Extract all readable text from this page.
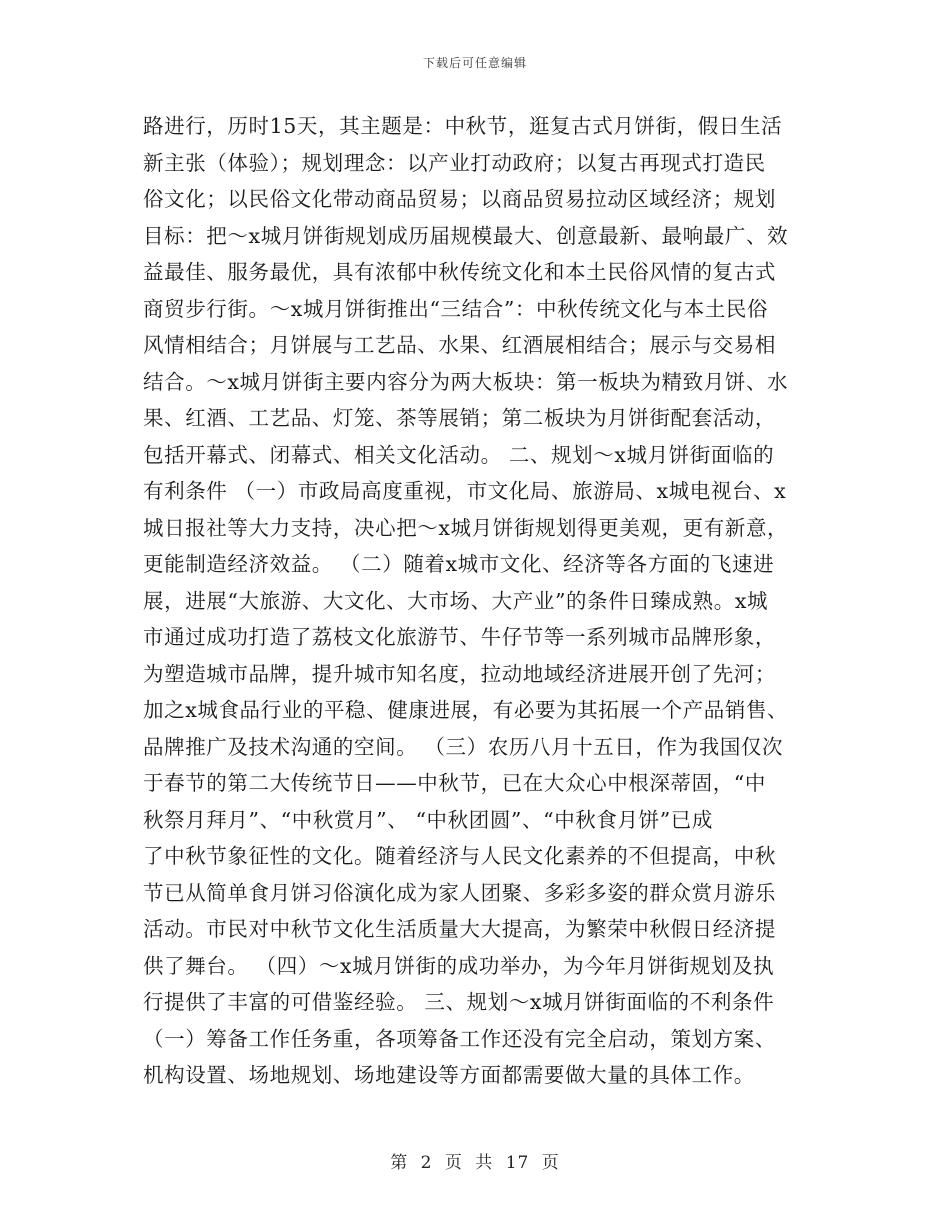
下载后可任意编辑
路进行，历时15天，其主题是：中秋节，逛复古式月饼街，假日生活
新主张（体验）；规划理念：以产业打动政府；以复古再现式打造民
俗文化；以民俗文化带动商品贸易；以商品贸易拉动区域经济；规划
目标：把～x城月饼街规划成历届规模最大、创意最新、最响最广、效
益最佳、服务最优，具有浓郁中秋传统文化和本土民俗风情的复古式
商贸步行街。～x城月饼街推出“三结合”：中秋传统文化与本土民俗
风情相结合；月饼展与工艺品、水果、红酒展相结合；展示与交易相
结合。～x城月饼街主要内容分为两大板块：第一板块为精致月饼、水
果、红酒、工艺品、灯笼、茶等展销；第二板块为月饼街配套活动，
包括开幕式、闭幕式、相关文化活动。 二、规划～x城月饼街面临的
有利条件 （一）市政局高度重视，市文化局、旅游局、x城电视台、x
城日报社等大力支持，决心把～x城月饼街规划得更美观，更有新意，
更能制造经济效益。 （二）随着x城市文化、经济等各方面的飞速进
展，进展“大旅游、大文化、大市场、大产业”的条件日臻成熟。x城
市通过成功打造了荔枝文化旅游节、牛仔节等一系列城市品牌形象，
为塑造城市品牌，提升城市知名度，拉动地域经济进展开创了先河；
加之x城食品行业的平稳、健康进展，有必要为其拓展一个产品销售、
品牌推广及技术沟通的空间。 （三）农历八月十五日，作为我国仅次
于春节的第二大传统节日——中秋节，已在大众心中根深蒂固，“中
秋祭月拜月”、“中秋赏月”、 “中秋团圆”、“中秋食月饼”已成
了中秋节象征性的文化。随着经济与人民文化素养的不但提高，中秋
节已从简单食月饼习俗演化成为家人团聚、多彩多姿的群众赏月游乐
活动。市民对中秋节文化生活质量大大提高，为繁荣中秋假日经济提
供了舞台。 （四）～x城月饼街的成功举办，为今年月饼街规划及执
行提供了丰富的可借鉴经验。 三、规划～x城月饼街面临的不利条件
（一）筹备工作任务重，各项筹备工作还没有完全启动，策划方案、
机构设置、场地规划、场地建设等方面都需要做大量的具体工作。
第 2 页 共 17 页
